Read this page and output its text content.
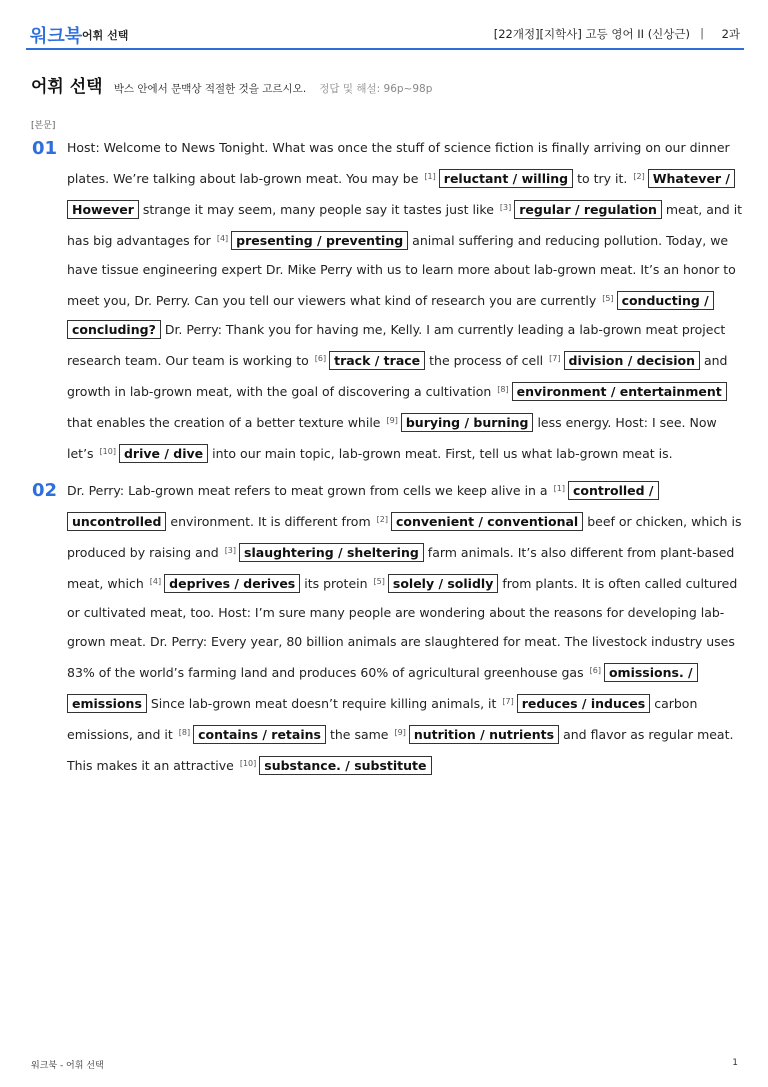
워크북 어휘 선택	[22개정][지학사] 고등 영어 II (신상근) | 2과
어휘 선택 박스 안에서 문맥상 적절한 것을 고르시오. 정답 및 해설: 96p~98p
[본문]
01 Host: Welcome to News Tonight. What was once the stuff of science fiction is finally arriving on our dinner plates. We’re talking about lab-grown meat. You may be [1] reluctant / willing to try it. [2] Whatever / However strange it may seem, many people say it tastes just like [3] regular / regulation meat, and it has big advantages for [4] presenting / preventing animal suffering and reducing pollution. Today, we have tissue engineering expert Dr. Mike Perry with us to learn more about lab-grown meat. It’s an honor to meet you, Dr. Perry. Can you tell our viewers what kind of research you are currently [5] conducting / concluding? Dr. Perry: Thank you for having me, Kelly. I am currently leading a lab-grown meat project research team. Our team is working to [6] track / trace the process of cell [7] division / decision and growth in lab-grown meat, with the goal of discovering a cultivation [8] environment / entertainment that enables the creation of a better texture while [9] burying / burning less energy. Host: I see. Now let’s [10] drive / dive into our main topic, lab-grown meat. First, tell us what lab-grown meat is.
02 Dr. Perry: Lab-grown meat refers to meat grown from cells we keep alive in a [1] controlled / uncontrolled environment. It is different from [2] convenient / conventional beef or chicken, which is produced by raising and [3] slaughtering / sheltering farm animals. It’s also different from plant-based meat, which [4] deprives / derives its protein [5] solely / solidly from plants. It is often called cultured or cultivated meat, too. Host: I’m sure many people are wondering about the reasons for developing lab-grown meat. Dr. Perry: Every year, 80 billion animals are slaughtered for meat. The livestock industry uses 83% of the world’s farming land and produces 60% of agricultural greenhouse gas [6] omissions. / emissions Since lab-grown meat doesn’t require killing animals, it [7] reduces / induces carbon emissions, and it [8] contains / retains the same [9] nutrition / nutrients and flavor as regular meat. This makes it an attractive [10] substance. / substitute
워크북 - 어휘 선택	1
